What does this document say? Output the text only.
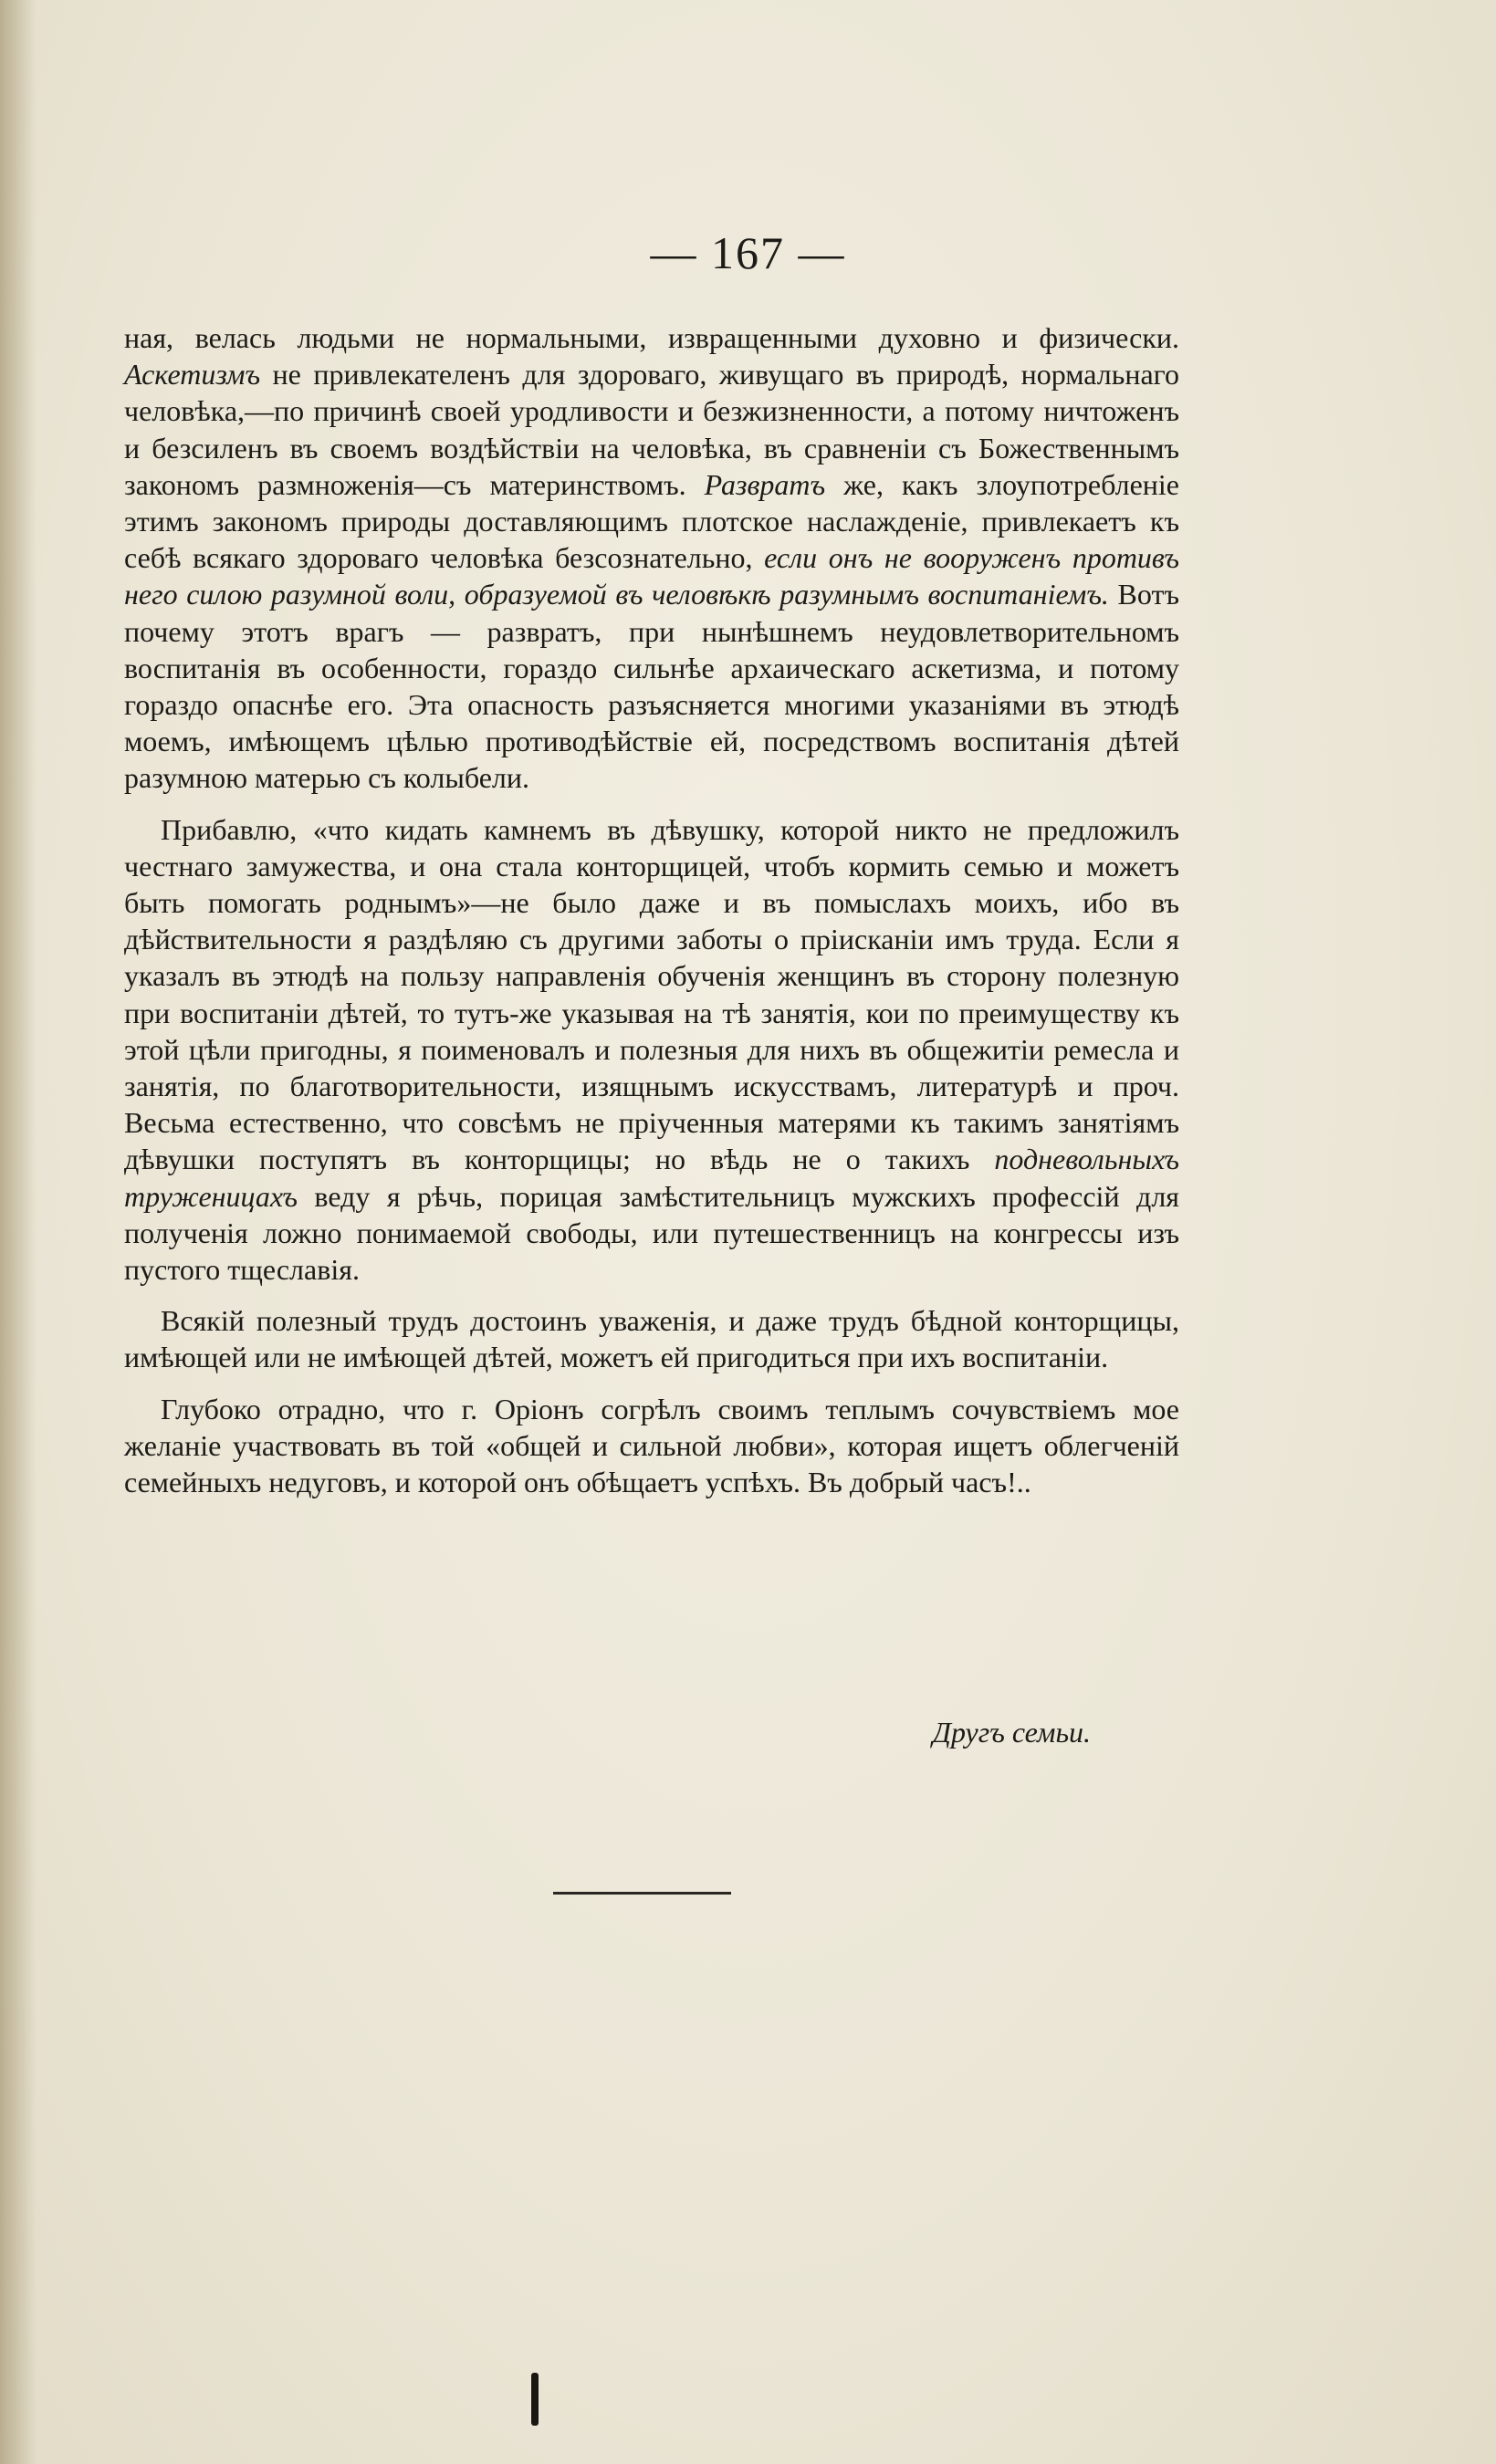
— 167 —

ная, велась людьми не нормальными, извращенными духовно и физически. Аскетизмъ не привлекателенъ для здороваго, живущаго въ природѣ, нормальнаго человѣка,—по причинѣ своей уродливости и безжизненности, а потому ничтоженъ и безсиленъ въ своемъ воздѣйствіи на человѣка, въ сравненіи съ Божественнымъ закономъ размноженія—съ материнствомъ. Развратъ же, какъ злоупотребленіе этимъ закономъ природы доставляющимъ плотское наслажденіе, привлекаетъ къ себѣ всякаго здороваго человѣка безсознательно, если онъ не вооруженъ противъ него силою разумной воли, образуемой въ человѣкѣ разумнымъ воспитаніемъ. Вотъ почему этотъ врагъ — развратъ, при нынѣшнемъ неудовлетворительномъ воспитанія въ особенности, гораздо сильнѣе архаическаго аскетизма, и потому гораздо опаснѣе его. Эта опасность разъясняется многими указаніями въ этюдѣ моемъ, имѣющемъ цѣлью противодѣйствіе ей, посредствомъ воспитанія дѣтей разумною матерью съ колыбели.

Прибавлю, «что кидать камнемъ въ дѣвушку, которой никто не предложилъ честнаго замужества, и она стала конторщицей, чтобъ кормить семью и можетъ быть помогать роднымъ»—не было даже и въ помыслахъ моихъ, ибо въ дѣйствительности я раздѣляю съ другими заботы о пріисканіи имъ труда. Если я указалъ въ этюдѣ на пользу направленія обученія женщинъ въ сторону полезную при воспитаніи дѣтей, то тутъ-же указывая на тѣ занятія, кои по преимуществу къ этой цѣли пригодны, я поименовалъ и полезныя для нихъ въ общежитіи ремесла и занятія, по благотворительности, изящнымъ искусствамъ, литературѣ и проч. Весьма естественно, что совсѣмъ не пріученныя матерями къ такимъ занятіямъ дѣвушки поступятъ въ конторщицы; но вѣдь не о такихъ подневольныхъ труженицахъ веду я рѣчь, порицая замѣстительницъ мужскихъ профессій для полученія ложно понимаемой свободы, или путешественницъ на конгрессы изъ пустого тщеславія.

Всякій полезный трудъ достоинъ уваженія, и даже трудъ бѣдной конторщицы, имѣющей или не имѣющей дѣтей, можетъ ей пригодиться при ихъ воспитаніи.

Глубоко отрадно, что г. Оріонъ согрѣлъ своимъ теплымъ сочувствіемъ мое желаніе участвовать въ той «общей и сильной любви», которая ищетъ облегченій семейныхъ недуговъ, и которой онъ обѣщаетъ успѣхъ. Въ добрый часъ!..

Другъ семьи.
